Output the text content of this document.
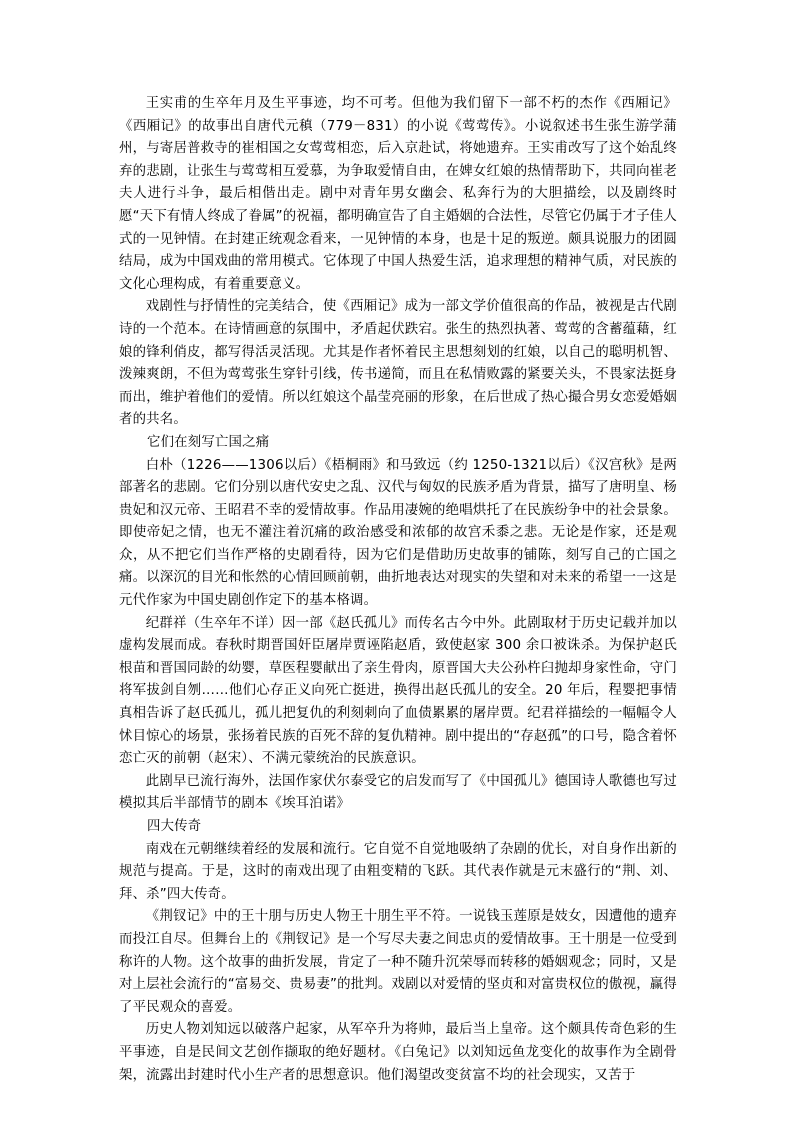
王实甫的生卒年月及生平事迹，均不可考。但他为我们留下一部不朽的杰作《西厢记》《西厢记》的故事出自唐代元稹（779－831）的小说《莺莺传》。小说叙述书生张生游学蒲州，与寄居普救寺的崔相国之女莺莺相恋，后入京赴试，将她遗弃。王实甫改写了这个始乱终弃的悲剧，让张生与莺莺相互爱慕，为争取爱情自由，在婢女红娘的热情帮助下，共同向崔老夫人进行斗争，最后相偕出走。剧中对青年男女幽会、私奔行为的大胆描绘，以及剧终时愿“天下有情人终成了眷属”的祝福，都明确宣告了自主婚姻的合法性，尽管它仍属于才子佳人式的一见钟情。在封建正统观念看来，一见钟情的本身，也是十足的叛逆。颇具说服力的团圆结局，成为中国戏曲的常用模式。它体现了中国人热爱生活，追求理想的精神气质，对民族的文化心理构成，有着重要意义。

戏剧性与抒情性的完美结合，使《西厢记》成为一部文学价值很高的作品，被视是古代剧诗的一个范本。在诗情画意的氛围中，矛盾起伏跌宕。张生的热烈执著、莺莺的含蓄蕴藉，红娘的锋利俏皮，都写得活灵活现。尤其是作者怀着民主思想刻划的红娘，以自己的聪明机智、泼辣爽朗，不但为莺莺张生穿针引线，传书递简，而且在私情败露的紧要关头，不畏家法挺身而出，维护着他们的爱情。所以红娘这个晶莹亮丽的形象，在后世成了热心撮合男女恋爱婚姻者的共名。

它们在刻写亡国之痛

白朴（1226——1306以后）《梧桐雨》和马致远（约 1250-1321以后）《汉宫秋》是两部著名的悲剧。它们分别以唐代安史之乱、汉代与匈奴的民族矛盾为背景，描写了唐明皇、杨贵妃和汉元帝、王昭君不幸的爱情故事。作品用凄婉的绝唱烘托了在民族纷争中的社会景象。即使帝妃之情，也无不灌注着沉痛的政治感受和浓郁的故宫禾黍之悲。无论是作家，还是观众，从不把它们当作严格的史剧看待，因为它们是借助历史故事的铺陈，刻写自己的亡国之痛。以深沉的目光和怅然的心情回顾前朝，曲折地表达对现实的失望和对未来的希望一一这是元代作家为中国史剧创作定下的基本格调。

纪群祥（生卒年不详）因一部《赵氏孤儿》而传名古今中外。此剧取材于历史记载并加以虚构发展而成。春秋时期晋国奸臣屠岸贾诬陷赵盾，致使赵家 300 余口被诛杀。为保护赵氏根苗和晋国同龄的幼婴，草医程婴献出了亲生骨肉，原晋国大夫公孙杵臼抛却身家性命，守门将军拔剑自刎……他们心存正义向死亡挺进，换得出赵氏孤儿的安全。20 年后，程婴把事情真相告诉了赵氏孤儿，孤儿把复仇的利刻刺向了血债累累的屠岸贾。纪君祥描绘的一幅幅令人怵目惊心的场景，张扬着民族的百死不辞的复仇精神。剧中提出的“存赵孤”的口号，隐含着怀恋亡灭的前朝（赵宋）、不满元蒙统治的民族意识。

此剧早已流行海外，法国作家伏尔泰受它的启发而写了《中国孤儿》德国诗人歌德也写过模拟其后半部情节的剧本《埃耳泊诺》

四大传奇

南戏在元朝继续着经的发展和流行。它自觉不自觉地吸纳了杂剧的优长，对自身作出新的规范与提高。于是，这时的南戏出现了由粗变精的飞跃。其代表作就是元末盛行的“荆、刘、拜、杀”四大传奇。

《荆钗记》中的王十朋与历史人物王十朋生平不符。一说钱玉莲原是妓女，因遭他的遗弃而投江自尽。但舞台上的《荆钗记》是一个写尽夫妻之间忠贞的爱情故事。王十朋是一位受到称许的人物。这个故事的曲折发展，肯定了一种不随升沉荣辱而转移的婚姻观念；同时，又是对上层社会流行的“富易交、贵易妻”的批判。戏剧以对爱情的坚贞和对富贵权位的傲视，赢得了平民观众的喜爱。

历史人物刘知远以破落户起家，从军卒升为将帅，最后当上皇帝。这个颇具传奇色彩的生平事迹，自是民间文艺创作撷取的绝好题材。《白兔记》以刘知远鱼龙变化的故事作为全剧骨架，流露出封建时代小生产者的思想意识。他们渴望改变贫富不均的社会现实，又苦于
